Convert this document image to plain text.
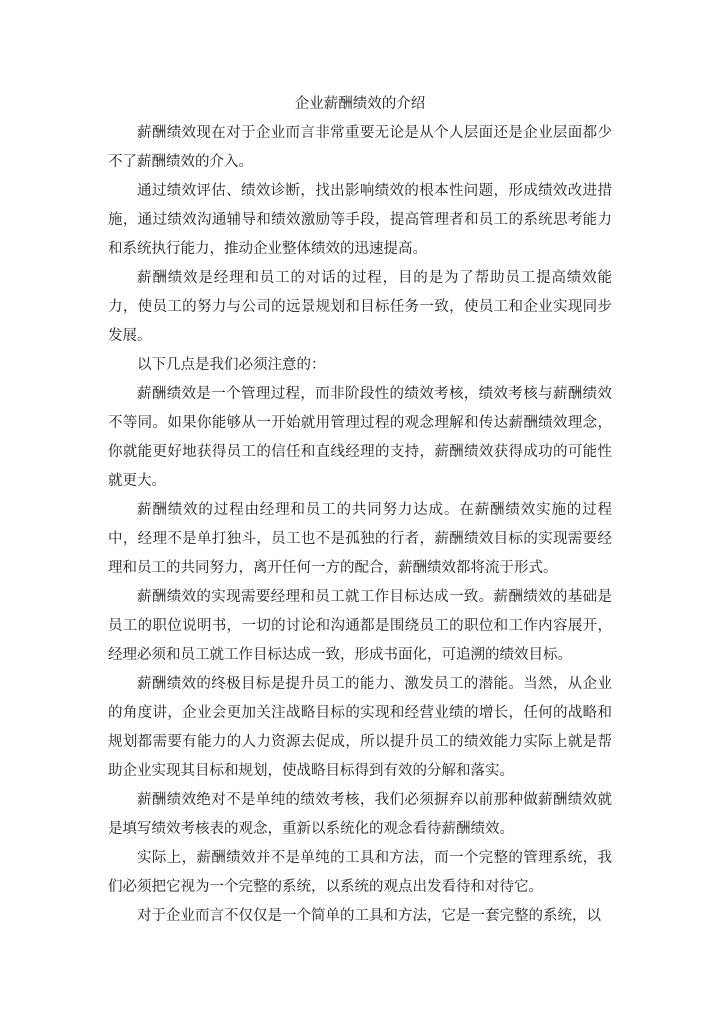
企业薪酬绩效的介绍

薪酬绩效现在对于企业而言非常重要无论是从个人层面还是企业层面都少不了薪酬绩效的介入。

通过绩效评估、绩效诊断，找出影响绩效的根本性问题，形成绩效改进措施，通过绩效沟通辅导和绩效激励等手段，提高管理者和员工的系统思考能力和系统执行能力，推动企业整体绩效的迅速提高。

薪酬绩效是经理和员工的对话的过程，目的是为了帮助员工提高绩效能力，使员工的努力与公司的远景规划和目标任务一致，使员工和企业实现同步发展。

以下几点是我们必须注意的：

薪酬绩效是一个管理过程，而非阶段性的绩效考核，绩效考核与薪酬绩效不等同。如果你能够从一开始就用管理过程的观念理解和传达薪酬绩效理念，你就能更好地获得员工的信任和直线经理的支持，薪酬绩效获得成功的可能性就更大。

薪酬绩效的过程由经理和员工的共同努力达成。在薪酬绩效实施的过程中，经理不是单打独斗，员工也不是孤独的行者，薪酬绩效目标的实现需要经理和员工的共同努力，离开任何一方的配合，薪酬绩效都将流于形式。

薪酬绩效的实现需要经理和员工就工作目标达成一致。薪酬绩效的基础是员工的职位说明书，一切的讨论和沟通都是围绕员工的职位和工作内容展开，经理必须和员工就工作目标达成一致，形成书面化，可追溯的绩效目标。

薪酬绩效的终极目标是提升员工的能力、激发员工的潜能。当然，从企业的角度讲，企业会更加关注战略目标的实现和经营业绩的增长，任何的战略和规划都需要有能力的人力资源去促成，所以提升员工的绩效能力实际上就是帮助企业实现其目标和规划，使战略目标得到有效的分解和落实。

薪酬绩效绝对不是单纯的绩效考核，我们必须摒弃以前那种做薪酬绩效就是填写绩效考核表的观念，重新以系统化的观念看待薪酬绩效。

实际上，薪酬绩效并不是单纯的工具和方法，而一个完整的管理系统，我们必须把它视为一个完整的系统，以系统的观点出发看待和对待它。

对于企业而言不仅仅是一个简单的工具和方法，它是一套完整的系统，以
